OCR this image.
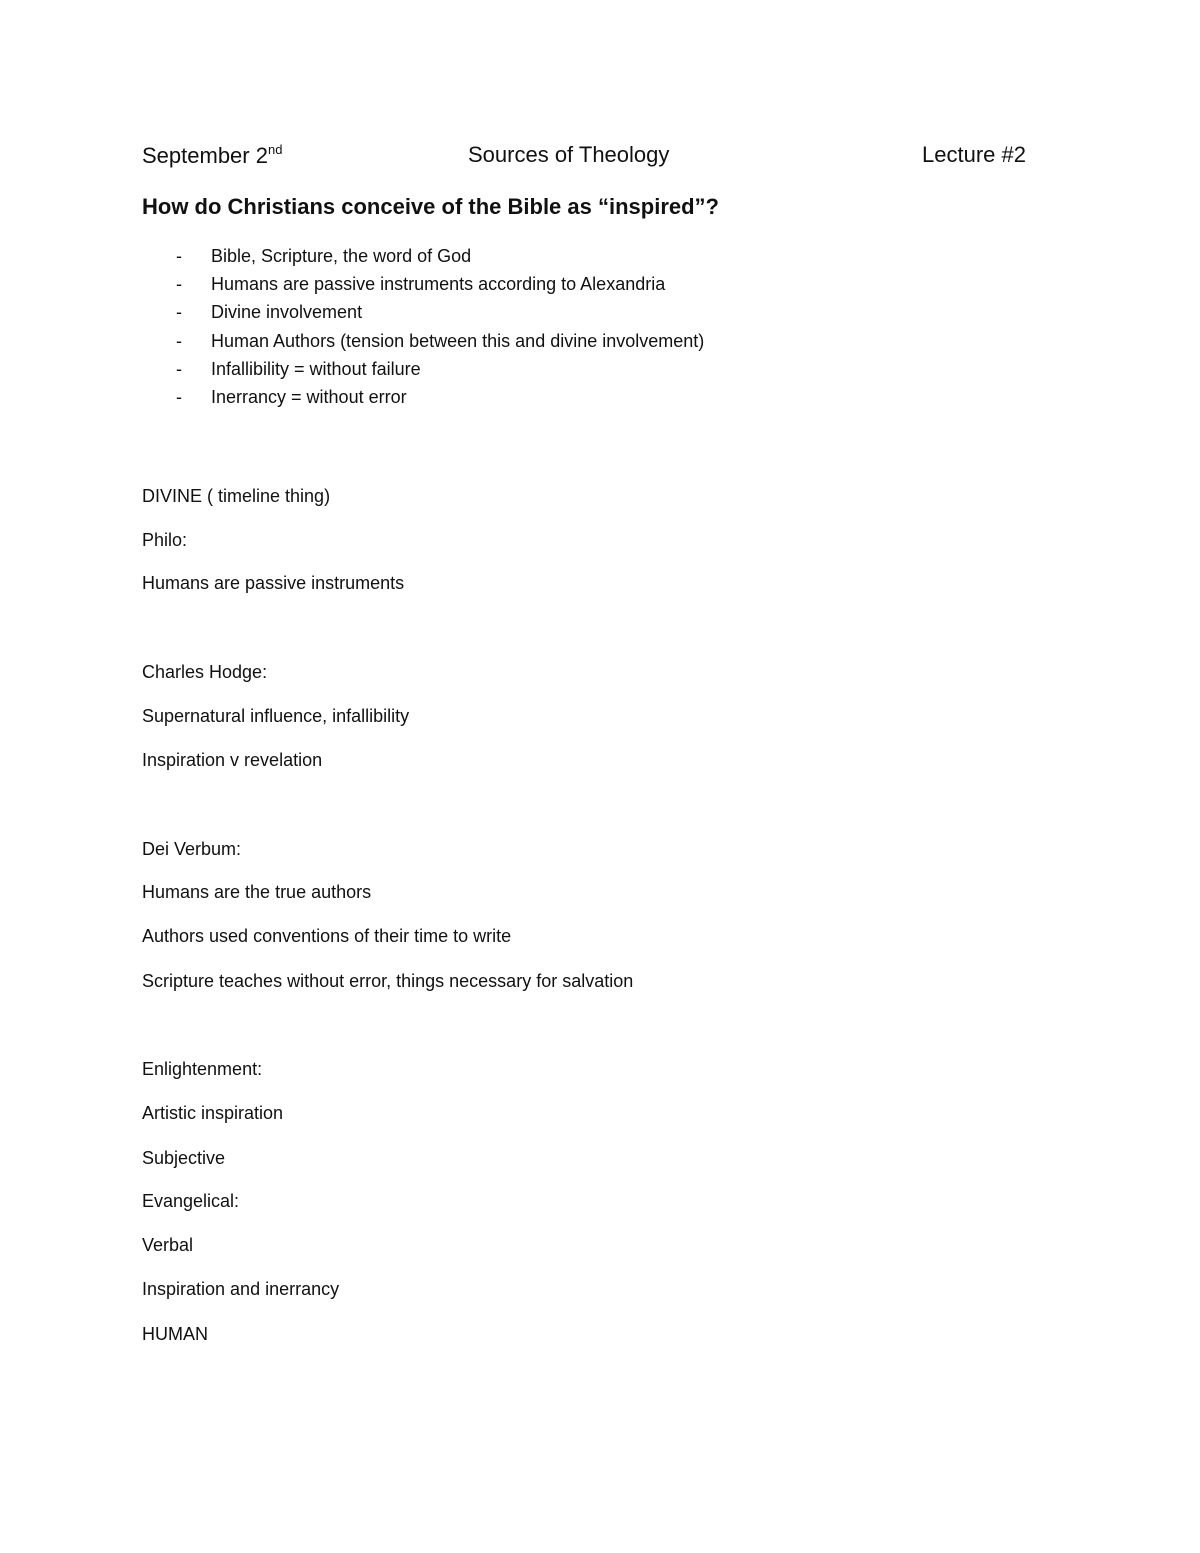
September 2nd	Sources of Theology	Lecture #2
How do Christians conceive of the Bible as “inspired”?
- Bible, Scripture, the word of God
- Humans are passive instruments according to Alexandria
- Divine involvement
- Human Authors (tension between this and divine involvement)
- Infallibility = without failure
- Inerrancy = without error
DIVINE ( timeline thing)
Philo:
Humans are passive instruments
Charles Hodge:
Supernatural influence, infallibility
Inspiration v revelation
Dei Verbum:
Humans are the true authors
Authors used conventions of their time to write
Scripture teaches without error, things necessary for salvation
Enlightenment:
Artistic inspiration
Subjective
Evangelical:
Verbal
Inspiration and inerrancy
HUMAN
